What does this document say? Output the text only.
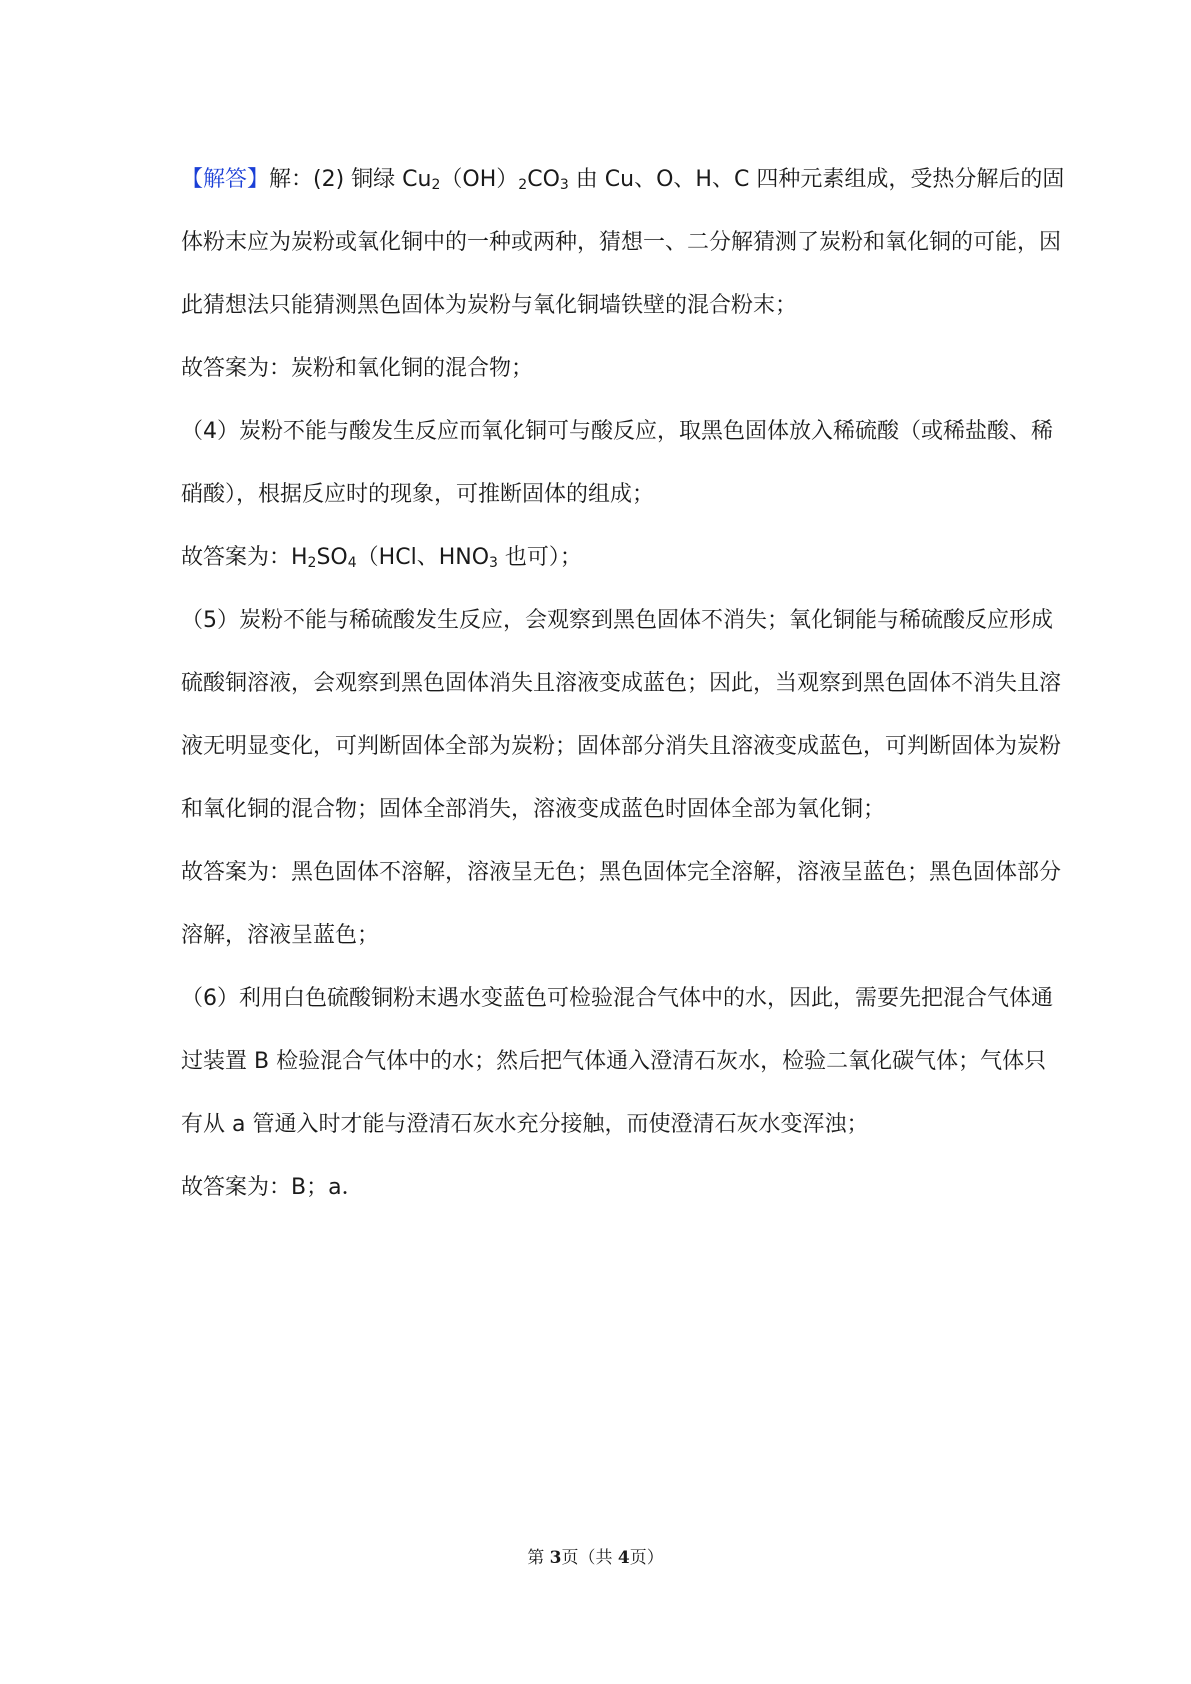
【解答】解：(2) 铜绿 $Cu_2(OH)_2CO_3$ 由 Cu、O、H、C 四种元素组成，受热分解后的固
体粉末应为炭粉或氧化铜中的一种或两种，猜想一、二分解猜测了炭粉和氧化铜的可能，因
此猜想法只能猜测黑色固体为炭粉与氧化铜墙铁壁的混合粉末；
故答案为：炭粉和氧化铜的混合物；
（4）炭粉不能与酸发生反应而氧化铜可与酸反应，取黑色固体放入稀硫酸（或稀盐酸、稀
硝酸），根据反应时的现象，可推断固体的组成；
故答案为：$H_2SO_4(HCl$、$HNO_3$ 也可）；
（5）炭粉不能与稀硫酸发生反应，会观察到黑色固体不消失；氧化铜能与稀硫酸反应形成
硫酸铜溶液，会观察到黑色固体消失且溶液变成蓝色；因此，当观察到黑色固体不消失且溶
液无明显变化，可判断固体全部为炭粉；固体部分消失且溶液变成蓝色，可判断固体为炭粉
和氧化铜的混合物；固体全部消失，溶液变成蓝色时固体全部为氧化铜；
故答案为：黑色固体不溶解，溶液呈无色；黑色固体完全溶解，溶液呈蓝色；黑色固体部分
溶解，溶液呈蓝色；
（6）利用白色硫酸铜粉末遇水变蓝色可检验混合气体中的水，因此，需要先把混合气体通
过装置 B 检验混合气体中的水；然后把气体通入澄清石灰水，检验二氧化碳气体；气体只
有从 a 管通入时才能与澄清石灰水充分接触，而使澄清石灰水变浑浊；
故答案为：B；a．
第 3页（共 4页）
